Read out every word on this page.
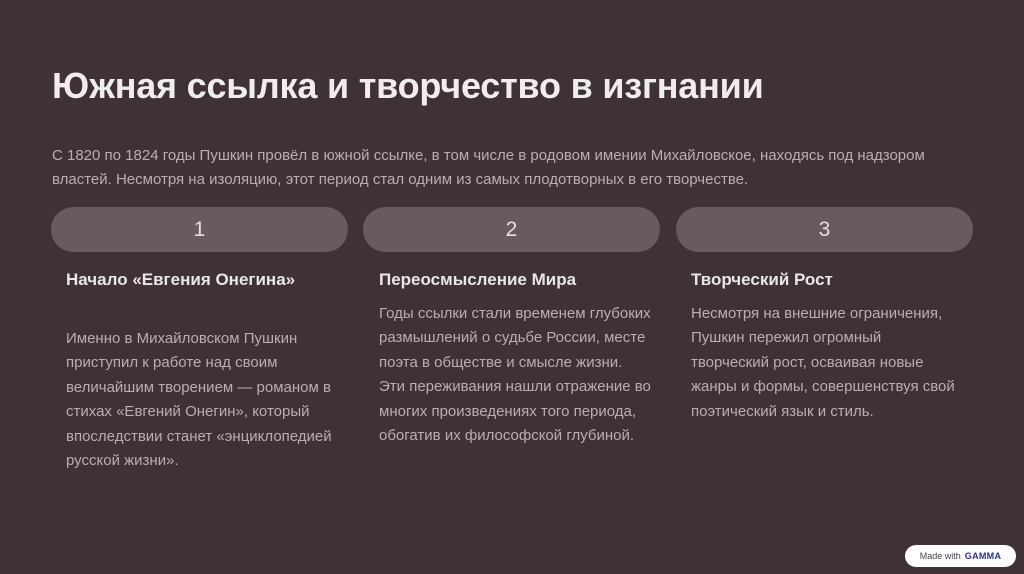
Южная ссылка и творчество в изгнании

С 1820 по 1824 годы Пушкин провёл в южной ссылке, в том числе в родовом имении Михайловское, находясь под надзором властей. Несмотря на изоляцию, этот период стал одним из самых плодотворных в его творчестве.

1	2	3
Начало «Евгения Онегина»
Именно в Михайловском Пушкин приступил к работе над своим величайшим творением — романом в стихах «Евгений Онегин», который впоследствии станет «энциклопедией русской жизни».
Переосмысление Мира
Годы ссылки стали временем глубоких размышлений о судьбе России, месте поэта в обществе и смысле жизни. Эти переживания нашли отражение во многих произведениях того периода, обогатив их философской глубиной.
Творческий Рост
Несмотря на внешние ограничения, Пушкин пережил огромный творческий рост, осваивая новые жанры и формы, совершенствуя свой поэтический язык и стиль.
Made with GAMMA
